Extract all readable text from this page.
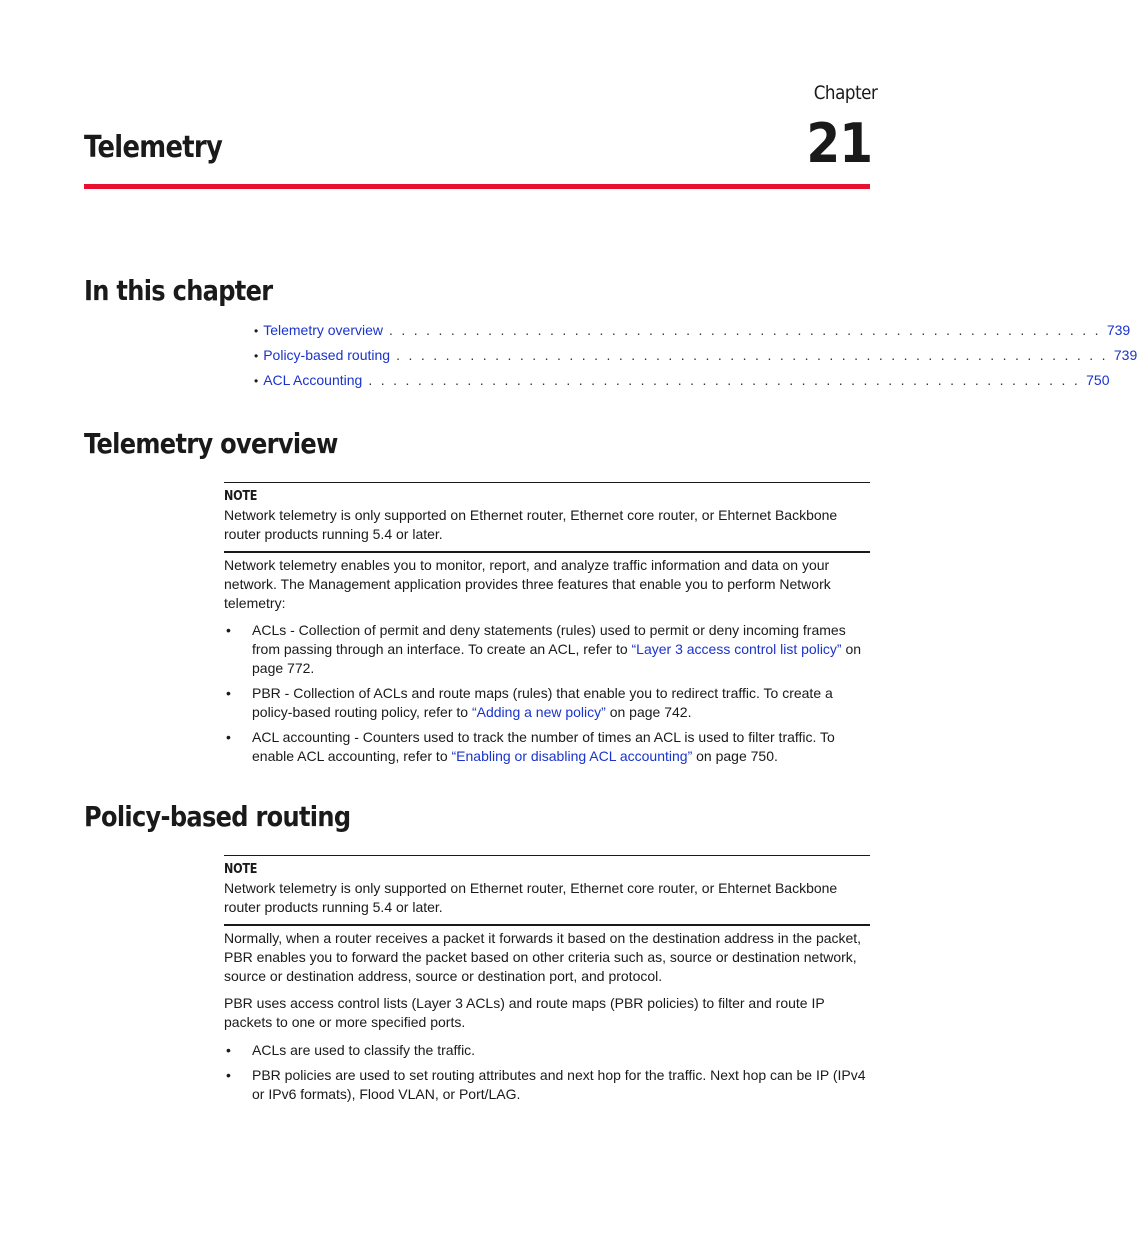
Chapter
21
Telemetry
In this chapter
• Telemetry overview . . . . . . . . . . . . . . . . . . . . . . . . . . . . . . . . . . . . . . . . . . . . . . . . . . . . . . . . . . 739
• Policy-based routing . . . . . . . . . . . . . . . . . . . . . . . . . . . . . . . . . . . . . . . . . . . . . . . . . . . . . . . . . . 739
• ACL Accounting . . . . . . . . . . . . . . . . . . . . . . . . . . . . . . . . . . . . . . . . . . . . . . . . . . . . . . . . . . 750
Telemetry overview
NOTE
Network telemetry is only supported on Ethernet router, Ethernet core router, or Ehternet Backbone router products running 5.4 or later.

Network telemetry enables you to monitor, report, and analyze traffic information and data on your network. The Management application provides three features that enable you to perform Network telemetry:

• ACLs - Collection of permit and deny statements (rules) used to permit or deny incoming frames from passing through an interface. To create an ACL, refer to “Layer 3 access control list policy” on page 772.
• PBR - Collection of ACLs and route maps (rules) that enable you to redirect traffic. To create a policy-based routing policy, refer to “Adding a new policy” on page 742.
• ACL accounting - Counters used to track the number of times an ACL is used to filter traffic. To enable ACL accounting, refer to “Enabling or disabling ACL accounting” on page 750.
Policy-based routing
NOTE
Network telemetry is only supported on Ethernet router, Ethernet core router, or Ehternet Backbone router products running 5.4 or later.

Normally, when a router receives a packet it forwards it based on the destination address in the packet, PBR enables you to forward the packet based on other criteria such as, source or destination network, source or destination address, source or destination port, and protocol.

PBR uses access control lists (Layer 3 ACLs) and route maps (PBR policies) to filter and route IP packets to one or more specified ports.

• ACLs are used to classify the traffic.
• PBR policies are used to set routing attributes and next hop for the traffic. Next hop can be IP (IPv4 or IPv6 formats), Flood VLAN, or Port/LAG.
